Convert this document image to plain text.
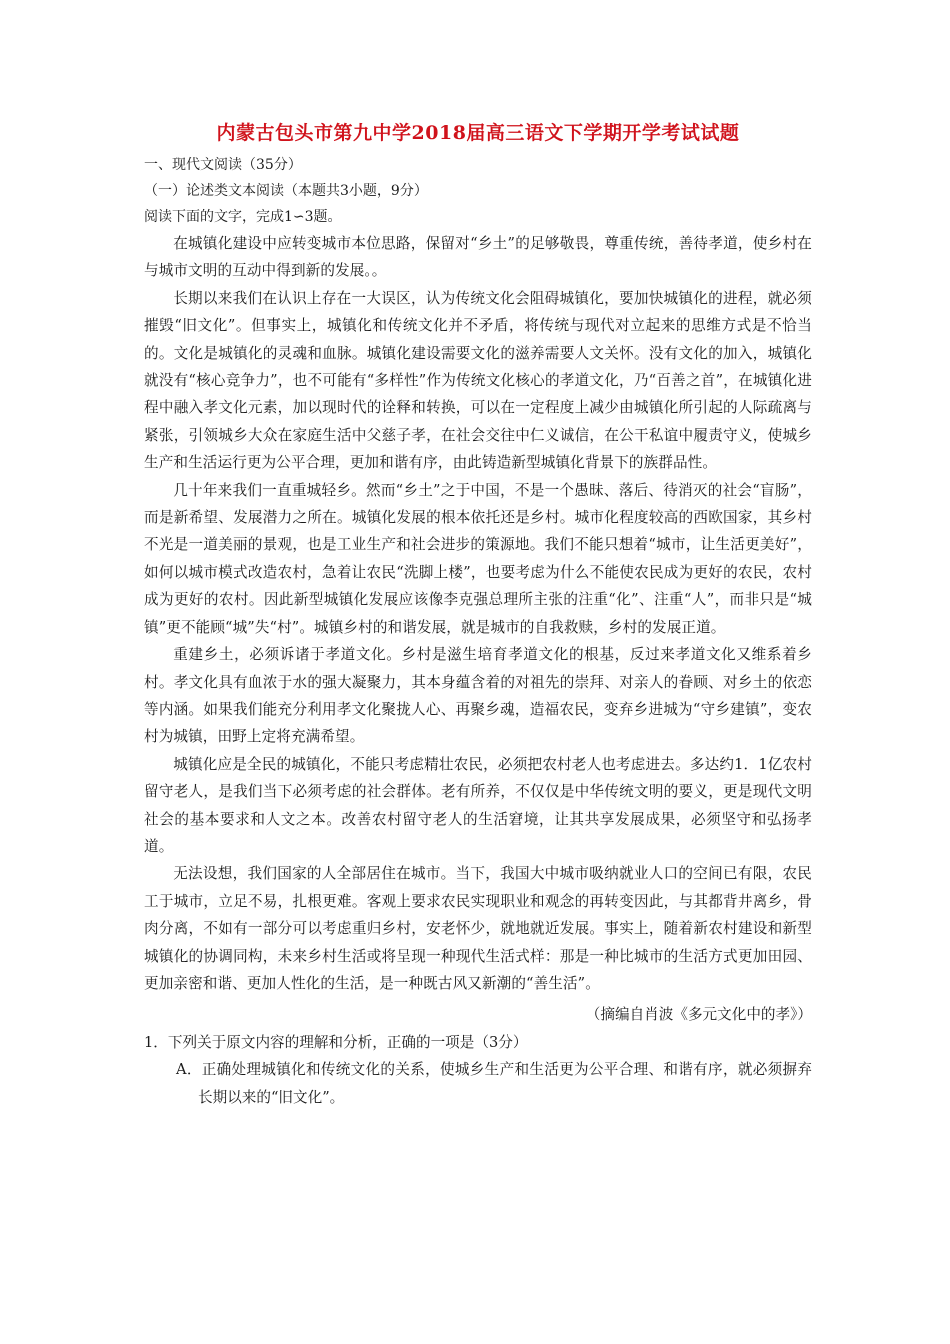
内蒙古包头市第九中学2018届高三语文下学期开学考试试题

一、现代文阅读（35分）

（一）论述类文本阅读（本题共3小题，9分）

阅读下面的文字，完成1∽3题。

在城镇化建设中应转变城市本位思路，保留对“乡土”的足够敬畏，尊重传统，善待孝道，使乡村在与城市文明的互动中得到新的发展。。

长期以来我们在认识上存在一大误区，认为传统文化会阻碍城镇化，要加快城镇化的进程，就必须摧毁“旧文化”。但事实上，城镇化和传统文化并不矛盾，将传统与现代对立起来的思维方式是不恰当的。文化是城镇化的灵魂和血脉。城镇化建设需要文化的滋养需要人文关怀。没有文化的加入，城镇化就没有“核心竞争力”，也不可能有“多样性”作为传统文化核心的孝道文化，乃“百善之首”，在城镇化进程中融入孝文化元素，加以现时代的诠释和转换，可以在一定程度上减少由城镇化所引起的人际疏离与紧张，引领城乡大众在家庭生活中父慈子孝，在社会交往中仁义诚信，在公干私谊中履责守义，使城乡生产和生活运行更为公平合理，更加和谐有序，由此铸造新型城镇化背景下的族群品性。

几十年来我们一直重城轻乡。然而“乡土”之于中国，不是一个愚昧、落后、待消灭的社会“盲肠”，而是新希望、发展潜力之所在。城镇化发展的根本依托还是乡村。城市化程度较高的西欧国家，其乡村不光是一道美丽的景观，也是工业生产和社会进步的策源地。我们不能只想着“城市，让生活更美好”，如何以城市模式改造农村，急着让农民“洗脚上楼”，也要考虑为什么不能使农民成为更好的农民，农村成为更好的农村。因此新型城镇化发展应该像李克强总理所主张的注重“化”、注重“人”，而非只是“城镇”更不能顾“城”失“村”。城镇乡村的和谐发展，就是城市的自我救赎，乡村的发展正道。

重建乡土，必须诉诸于孝道文化。乡村是滋生培育孝道文化的根基，反过来孝道文化又维系着乡村。孝文化具有血浓于水的强大凝聚力，其本身蕴含着的对祖先的崇拜、对亲人的眷顾、对乡土的依恋等内涵。如果我们能充分利用孝文化聚拢人心、再聚乡魂，造福农民，变弃乡进城为“守乡建镇”，变农村为城镇，田野上定将充满希望。

城镇化应是全民的城镇化，不能只考虑精壮农民，必须把农村老人也考虑进去。多达约1．1亿农村留守老人，是我们当下必须考虑的社会群体。老有所养，不仅仅是中华传统文明的要义，更是现代文明社会的基本要求和人文之本。改善农村留守老人的生活窘境，让其共享发展成果，必须坚守和弘扬孝道。

无法设想，我们国家的人全部居住在城市。当下，我国大中城市吸纳就业人口的空间已有限，农民工于城市，立足不易，扎根更难。客观上要求农民实现职业和观念的再转变因此，与其都背井离乡，骨肉分离，不如有一部分可以考虑重归乡村，安老怀少，就地就近发展。事实上，随着新农村建设和新型城镇化的协调同构，未来乡村生活或将呈现一种现代生活式样：那是一种比城市的生活方式更加田园、更加亲密和谐、更加人性化的生活，是一种既古风又新潮的“善生活”。

（摘编自肖波《多元文化中的孝》）

1．下列关于原文内容的理解和分析，正确的一项是（3分）

A．正确处理城镇化和传统文化的关系，使城乡生产和生活更为公平合理、和谐有序，就必须摒弃长期以来的“旧文化”。
